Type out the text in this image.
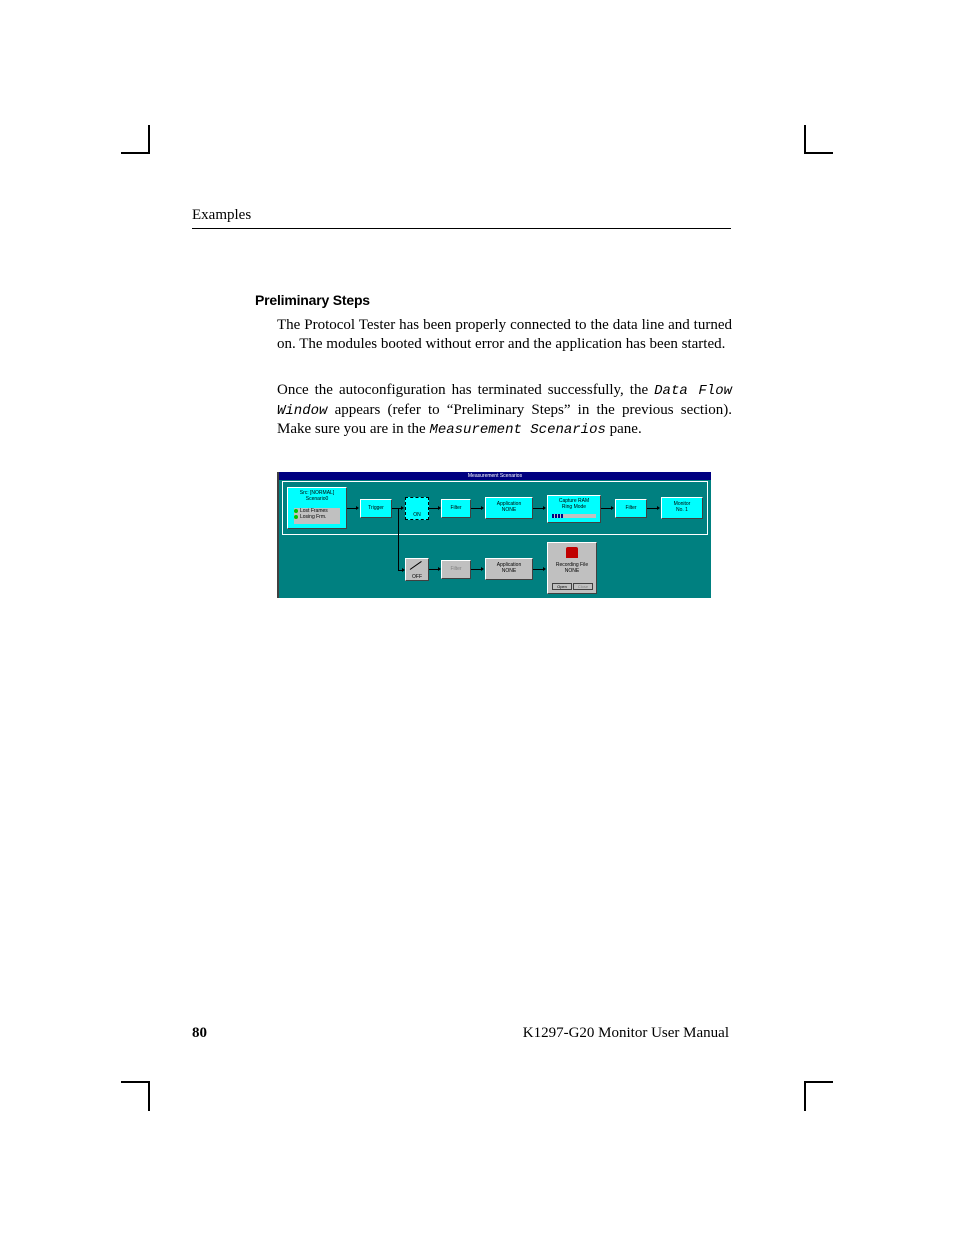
Examples
Preliminary Steps
The Protocol Tester has been properly connected to the data line and turned on. The modules booted without error and the application has been started.
Once the autoconfiguration has terminated successfully, the Data Flow Window appears (refer to “Preliminary Steps” in the previous section). Make sure you are in the Measurement Scenarios pane.
Measurement Scenarios
Src: [NORMAL]
Scenario0
Lost Frames
Losing Frm.
Trigger
ON
Filter
Application
NONE
Capture RAM
Ring Mode	Filter
Monitor
No. 1
OFF
Filter
Application
NONE
Recording File
NONE
Open	Close
80	K1297-G20 Monitor User Manual
